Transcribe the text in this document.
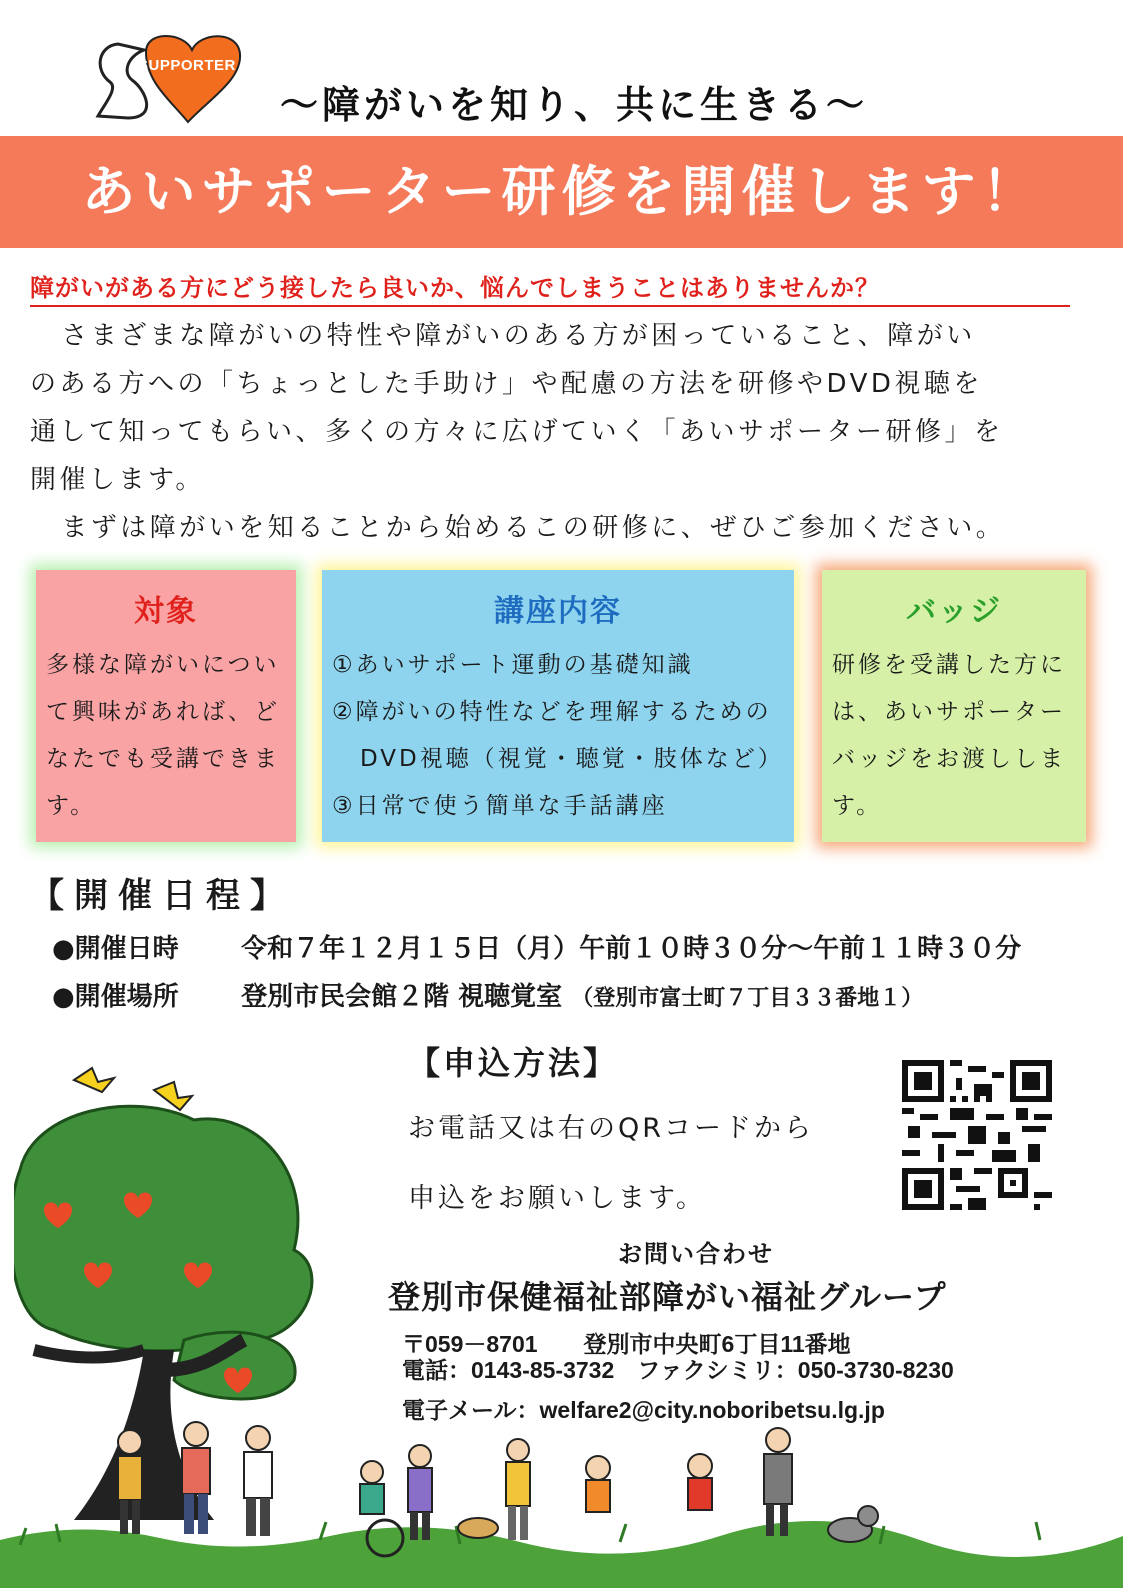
SUPPORTER
～障がいを知り、共に生きる～
あいサポーター研修を開催します！
障がいがある方にどう接したら良いか、悩んでしまうことはありませんか？

さまざまな障がいの特性や障がいのある方が困っていること、障がい

のある方への「ちょっとした手助け」や配慮の方法を研修やDVD視聴を

通して知ってもらい、多くの方々に広げていく「あいサポーター研修」を

開催します。

まずは障がいを知ることから始めるこの研修に、ぜひご参加ください。

対象

多様な障がいについ

て興味があれば、ど

なたでも受講できま

す。

講座内容

①あいサポート運動の基礎知識

②障がいの特性などを理解するための

DVD視聴（視覚・聴覚・肢体など）

③日常で使う簡単な手話講座

バッジ

研修を受講した方に

は、あいサポーター

バッジをお渡ししま

す。

【開催日程】
●開催日時 令和７年１２月１５日（月）午前１０時３０分～午前１１時３０分
●開催場所 登別市民会館２階 視聴覚室 （登別市富士町７丁目３３番地１）
【申込方法】
お電話又は右のQRコードから
申込をお願いします。
お問い合わせ
登別市保健福祉部障がい福祉グループ
〒059－8701　　登別市中央町6丁目11番地
電話：0143-85-3732　ファクシミリ：050-3730-8230
電子メール：welfare2@city.noboribetsu.lg.jp
